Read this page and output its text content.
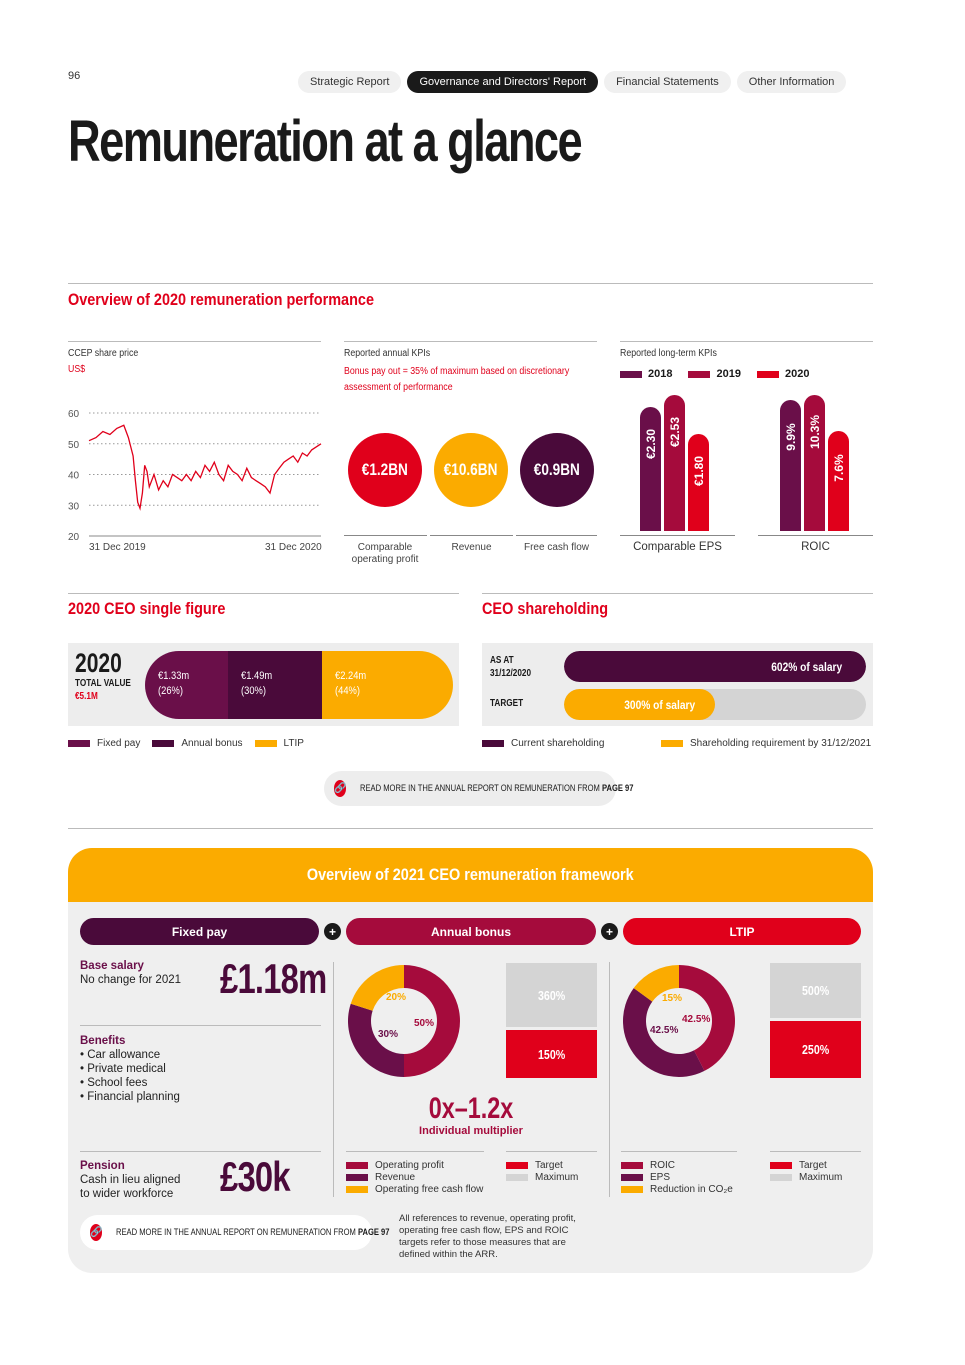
96	Strategic Report	Governance and Directors' Report	Financial Statements	Other Information
Remuneration at a glance
Overview of 2020 remuneration performance
CCEP share price
US$
20
30
40
50
60
31 Dec 2019	31 Dec 2020
Reported annual KPIs
Bonus pay out = 35% of maximum based on discretionary assessment of performance
€1.2BN €10.6BN €0.9BN
Comparable operating profit
Revenue	Free cash flow
Reported long-term KPIs
2018	2019	2020
€2.30 €2.53
€1.80
9.9% 10.3%
7.6%
Comparable EPS	ROIC
2020 CEO single figure
2020
TOTAL VALUE
€5.1M
€1.33m
(26%)
€1.49m
(30%)
€2.24m
(44%)
Fixed pay	Annual bonus	LTIP
CEO shareholding
AS AT
31/12/2020
TARGET
602% of salary
300% of salary
Current shareholding	Shareholding requirement by 31/12/2021
🔗 READ MORE IN THE ANNUAL REPORT ON REMUNERATION FROM PAGE 97
Overview of 2021 CEO remuneration framework
Fixed pay	+	Annual bonus	+	LTIP
Base salary
No change for 2021 £1.18m
Benefits
• Car allowance
• Private medical
• School fees
• Financial planning
Pension
Cash in lieu aligned
to wider workforce £30k
20%
50%
30%
360%
150%
0x–1.2x
Individual multiplier
Operating profit
Revenue
Operating free cash flow
Target
Maximum
15%
42.5%
42.5%
500%
250%
ROIC
EPS
Reduction in CO₂e
Target
Maximum
🔗 READ MORE IN THE ANNUAL REPORT ON REMUNERATION FROM PAGE 97
All references to revenue, operating profit, operating free cash flow, EPS and ROIC targets refer to those measures that are defined within the ARR.
